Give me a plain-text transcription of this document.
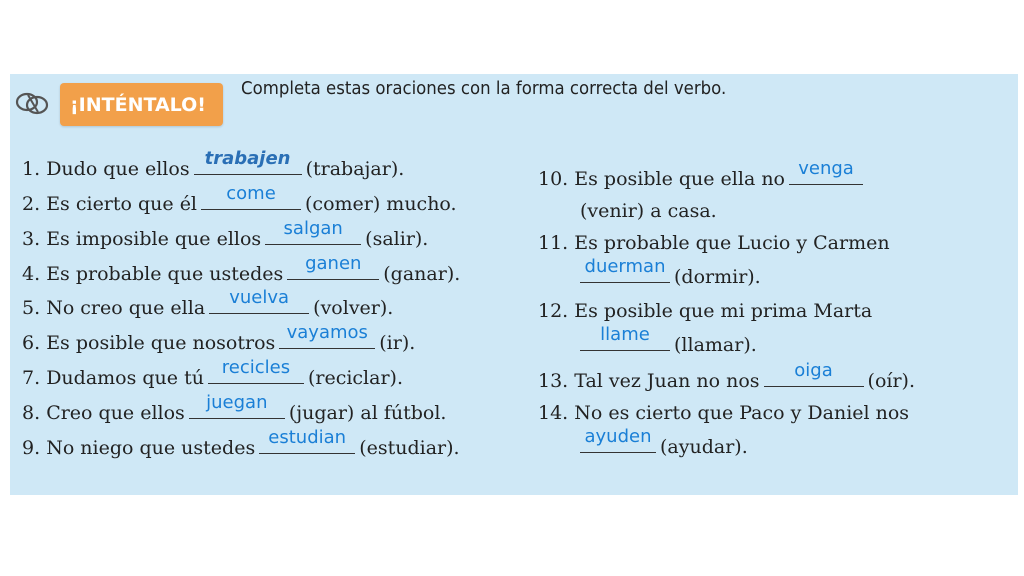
¡INTÉNTALO!
Completa estas oraciones con la forma correcta del verbo.
1. Dudo que ellos trabajen (trabajar).
2. Es cierto que él	come	(comer) mucho.
3. Es imposible que ellos	salgan	(salir).
4. Es probable que ustedes	ganen	(ganar).
5. No creo que ella	vuelva	(volver).
6. Es posible que nosotros vayamos (ir).
7. Dudamos que tú recicles (reciclar).
8. Creo que ellos	juegan	(jugar) al fútbol.
9. No niego que ustedes estudian (estudiar).
10. Es posible que ella no venga
(venir) a casa.
11. Es probable que Lucio y Carmen
duerman (dormir).
12. Es posible que mi prima Marta
llame	(llamar).
13. Tal vez Juan no nos	oiga	(oír).
14. No es cierto que Paco y Daniel nos
ayuden (ayudar).
